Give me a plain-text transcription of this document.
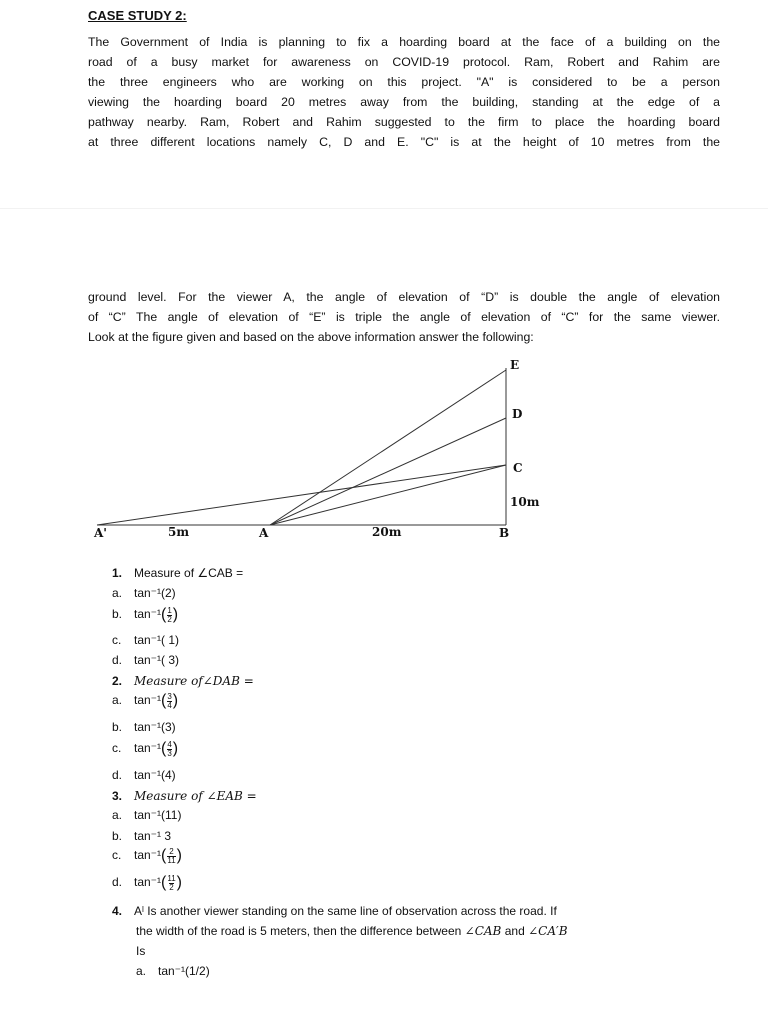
CASE STUDY 2:
The Government of India is planning to fix a hoarding board at the face of a building on the
road of a busy market for awareness on COVID-19 protocol. Ram, Robert and Rahim are
the three engineers who are working on this project. "A" is considered to be a person
viewing the hoarding board 20 metres away from the building, standing at the edge of a
pathway nearby. Ram, Robert and Rahim suggested to the firm to place the hoarding board
at three different locations namely C, D and E. "C" is at the height of 10 metres from the
ground level. For the viewer A, the angle of elevation of “D” is double the angle of elevation
of “C” The angle of elevation of “E” is triple the angle of elevation of “C” for the same viewer.
Look at the figure given and based on the above information answer the following:
E
D
C
10m
A'	5m	A	20m	B
1. Measure of ∠CAB =
a. tan⁻¹(2)
b. $\tan^{-1}( \frac{1}{2}$ )
c. tan⁻¹( 1)
d. tan⁻¹( 3)
2. Measure of∠DAB =
a. $\tan^{-1}( \frac{3}{4}$ )
b. tan⁻¹(3)
c. $\tan^{-1}( \frac{4}{3}$ )
d. tan⁻¹(4)
3. Measure of ∠EAB =
a. tan⁻¹(11)
b. tan⁻¹ 3
c. $\tan^{-1}( \frac{2}{11}$ )
d. $\tan^{-1}( \frac{11}{2}$ )
4. Aˡ Is another viewer standing on the same line of observation across the road. If
the width of the road is 5 meters, then the difference between ∠CAB and ∠CA′B
Is
a. tan⁻¹(1/2)
